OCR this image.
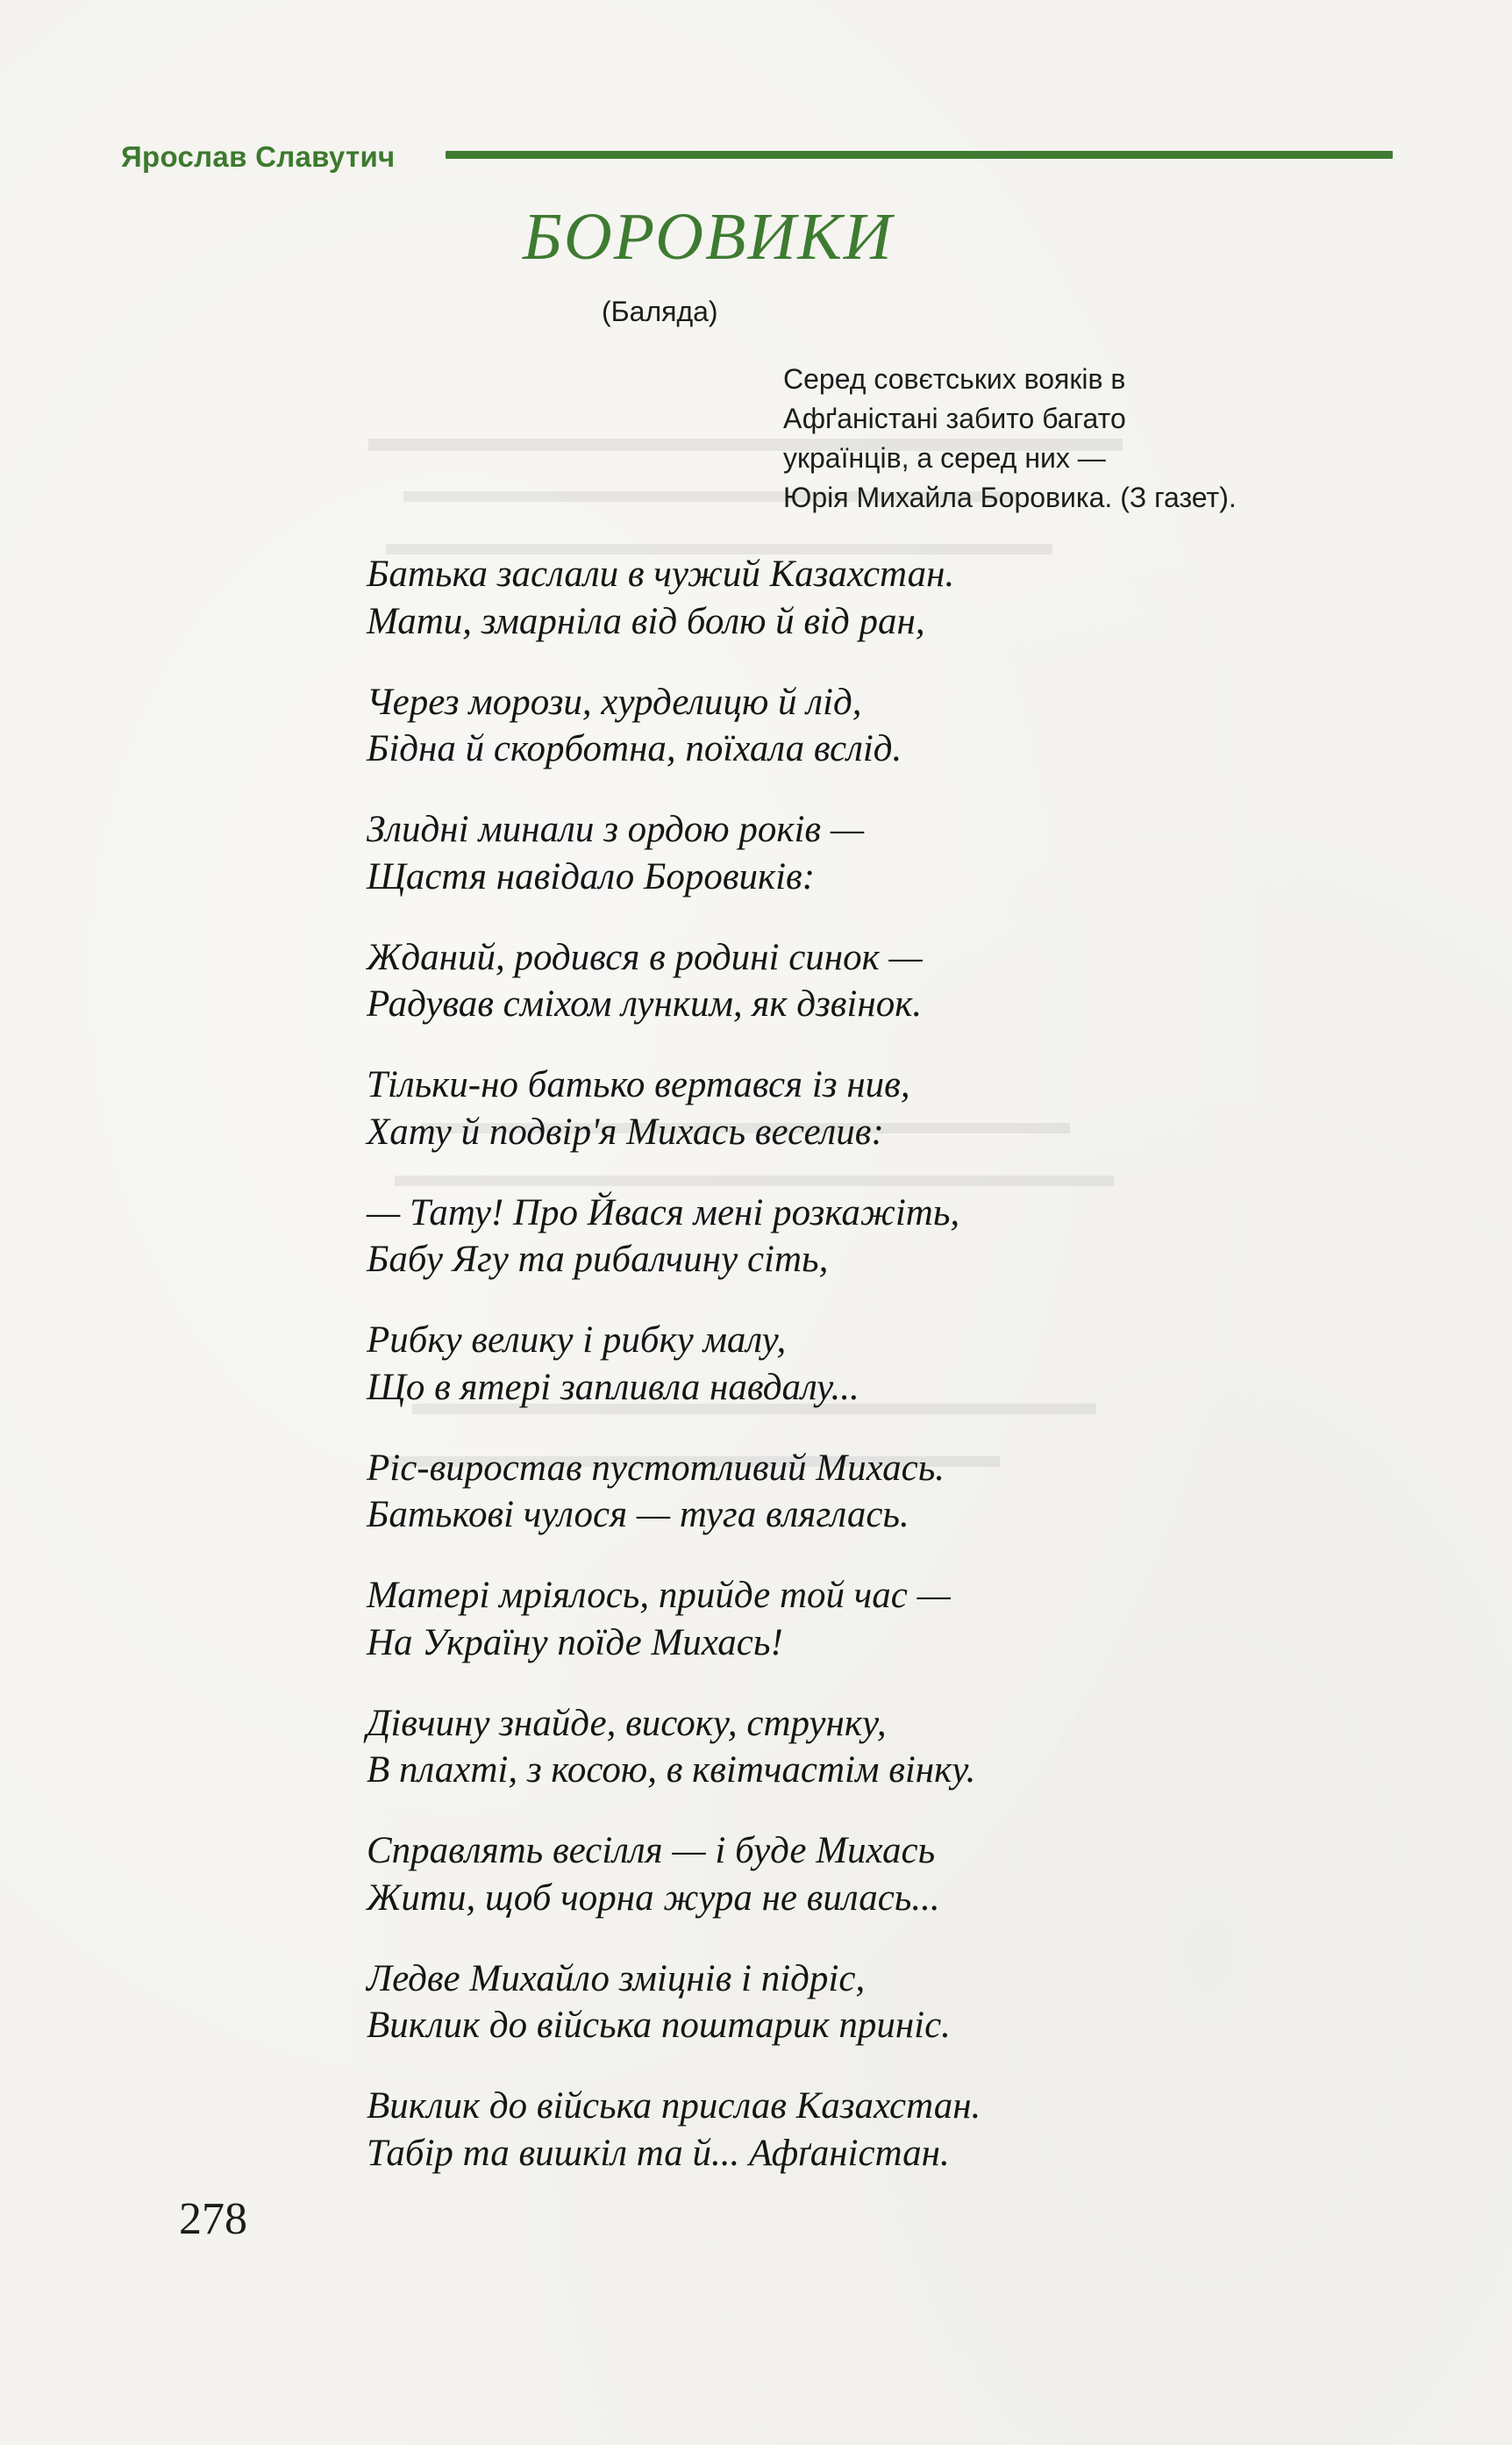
Ярослав Славутич
БОРОВИКИ
(Баляда)
Серед совєтських вояків в
Афґаністані забито багато
українців, а серед них —
Юрія Михайла Боровика. (З газет).
Батька заслали в чужий Казахстан.
Мати, змарніла від болю й від ран,
Через морози, хурделицю й лід,
Бідна й скорботна, поїхала вслід.
Злидні минали з ордою років —
Щастя навідало Боровиків:
Жданий, родився в родині синок —
Радував сміхом лунким, як дзвінок.
Тільки-но батько вертався із нив,
Хату й подвір'я Михась веселив:
— Тату! Про Йвася мені розкажіть,
Бабу Ягу та рибалчину сіть,
Рибку велику і рибку малу,
Що в ятері запливла навдалу...
Ріс-виростав пустотливий Михась.
Батькові чулося — туга вляглась.
Матері мріялось, прийде той час —
На Україну поїде Михась!
Дівчину знайде, високу, струнку,
В плахті, з косою, в квітчастім вінку.
Справлять весілля — і буде Михась
Жити, щоб чорна жура не вилась...
Ледве Михайло зміцнів і підріс,
Виклик до війська поштарик приніс.
Виклик до війська прислав Казахстан.
Табір та вишкіл та й... Афґаністан.
278
